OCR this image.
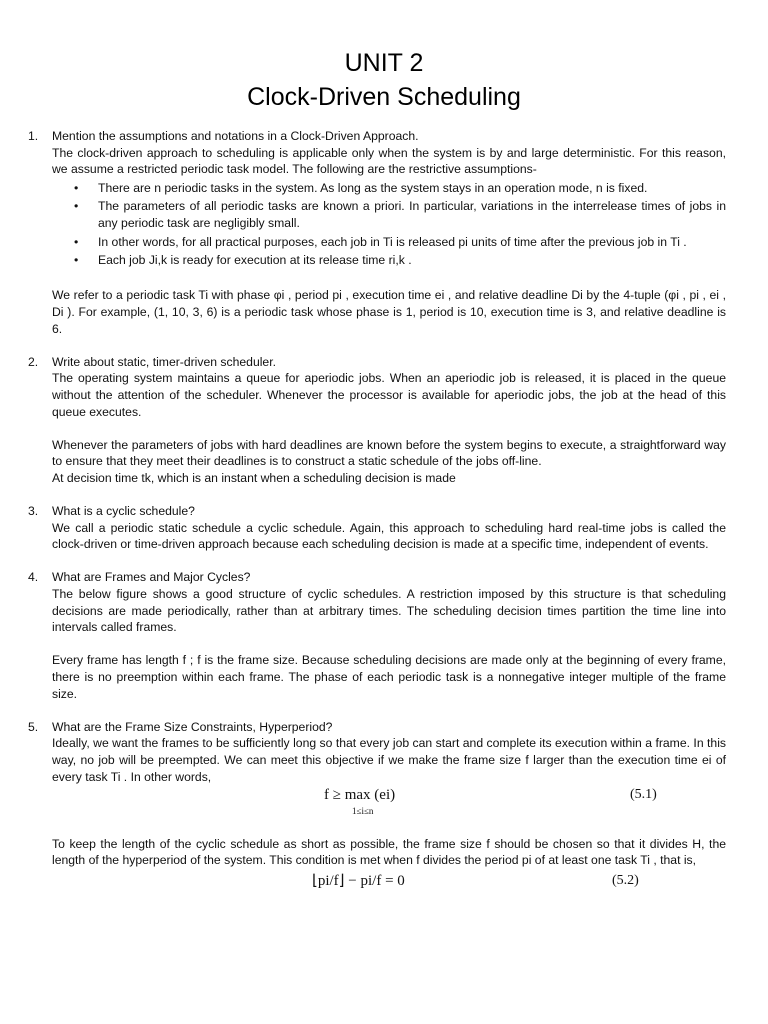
UNIT 2
Clock-Driven Scheduling
1.	Mention the assumptions and notations in a Clock-Driven Approach.

The clock-driven approach to scheduling is applicable only when the system is by and large deterministic. For this reason, we assume a restricted periodic task model. The following are the restrictive assumptions-

• There are n periodic tasks in the system. As long as the system stays in an operation mode, n is fixed.
• The parameters of all periodic tasks are known a priori. In particular, variations in the interrelease times of jobs in any periodic task are negligibly small.
• In other words, for all practical purposes, each job in Ti is released pi units of time after the previous job in Ti .
• Each job Ji,k is ready for execution at its release time ri,k .

We refer to a periodic task Ti with phase φi , period pi , execution time ei , and relative deadline Di by the 4-tuple (φi , pi , ei , Di ). For example, (1, 10, 3, 6) is a periodic task whose phase is 1, period is 10, execution time is 3, and relative deadline is 6.

2.	Write about static, timer-driven scheduler.

The operating system maintains a queue for aperiodic jobs. When an aperiodic job is released, it is placed in the queue without the attention of the scheduler. Whenever the processor is available for aperiodic jobs, the job at the head of this queue executes.

Whenever the parameters of jobs with hard deadlines are known before the system begins to execute, a straightforward way to ensure that they meet their deadlines is to construct a static schedule of the jobs off-line.

At decision time tk, which is an instant when a scheduling decision is made

3.	What is a cyclic schedule?

We call a periodic static schedule a cyclic schedule. Again, this approach to scheduling hard real-time jobs is called the clock-driven or time-driven approach because each scheduling decision is made at a specific time, independent of events.

4.	What are Frames and Major Cycles?

The below figure shows a good structure of cyclic schedules. A restriction imposed by this structure is that scheduling decisions are made periodically, rather than at arbitrary times. The scheduling decision times partition the time line into intervals called frames.

Every frame has length f ; f is the frame size. Because scheduling decisions are made only at the beginning of every frame, there is no preemption within each frame. The phase of each periodic task is a nonnegative integer multiple of the frame size.

5.	What are the Frame Size Constraints, Hyperperiod?

Ideally, we want the frames to be sufficiently long so that every job can start and complete its execution within a frame. In this way, no job will be preempted. We can meet this objective if we make the frame size f larger than the execution time ei of every task Ti . In other words,

f ≥ max (ei)
1≤i≤n
(5.1)

To keep the length of the cyclic schedule as short as possible, the frame size f should be chosen so that it divides H, the length of the hyperperiod of the system. This condition is met when f divides the period pi of at least one task Ti , that is,

⌊pi/f⌋ − pi/f = 0	(5.2)
